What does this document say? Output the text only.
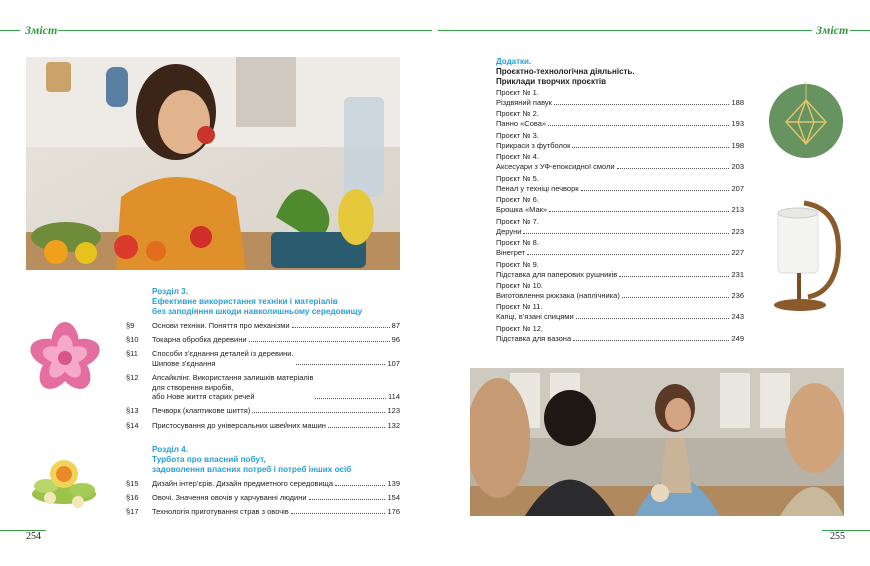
Зміст	Зміст
Розділ 3.
Ефективне використання техніки і матеріалів
без заподіяння шкоди навколишньому середовищу
§9	Основи техніки. Поняття про механізми	87
§10	Токарна обробка деревини	96
§11	Способи з’єднання деталей із деревини.
Шипове з’єднання	107
§12	Апсайклінг. Використання залишків матеріалів
для створення виробів,
або Нове життя старих речей	114
§13	Печворк (клаптикове шиття)	123
§14	Пристосування до універсальних швейних машин	132
Розділ 4.
Турбота про власний побут,
задоволення власних потреб і потреб інших осіб
§15	Дизайн інтер’єрів. Дизайн предметного середовища	139
§16	Овочі. Значення овочів у харчуванні людини	154
§17	Технологія приготування страв з овочів	176
254
Додатки.
Проєктно-технологічна діяльність.
Приклади творчих проєктів
Проєкт № 1.
Різдвяний павук	188
Проєкт № 2.
Панно «Сова»	193
Проєкт № 3.
Прикраси з футболок	198
Проєкт № 4.
Аксесуари з УФ-епоксидної смоли	203
Проєкт № 5.
Пенал у техніці печворк	207
Проєкт № 6.
Брошка «Мак»	213
Проєкт № 7.
Деруни	223
Проєкт № 8.
Вінегрет	227
Проєкт № 9.
Підставка для паперових рушників	231
Проєкт № 10.
Виготовлення рюкзака (наплічника)	236
Проєкт № 11.
Капці, в’язані спицями	243
Проєкт № 12.
Підставка для вазона	249
255
